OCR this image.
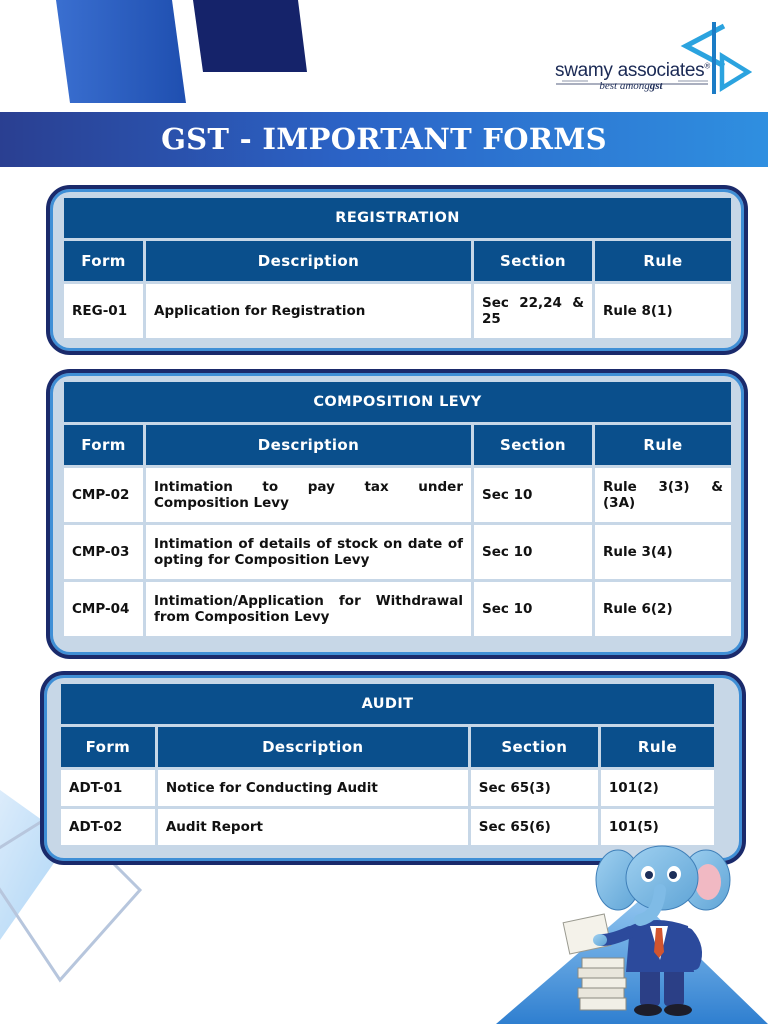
swamy associates®
best amonggst
GST - IMPORTANT FORMS
REGISTRATION			
Form	Description	Section	Rule
REG-01	Application for Registration	Sec 22,24 & 25	Rule 8(1)
COMPOSITION LEVY			
Form	Description	Section	Rule
CMP-02	Intimation to pay tax under Composition Levy	Sec 10	Rule 3(3) & (3A)
CMP-03	Intimation of details of stock on date of opting for Composition Levy	Sec 10	Rule 3(4)
CMP-04	Intimation/Application for Withdrawal from Composition Levy	Sec 10	Rule 6(2)
AUDIT			
Form	Description	Section	Rule
ADT-01	Notice for Conducting Audit	Sec 65(3)	101(2)
ADT-02	Audit Report	Sec 65(6)	101(5)
